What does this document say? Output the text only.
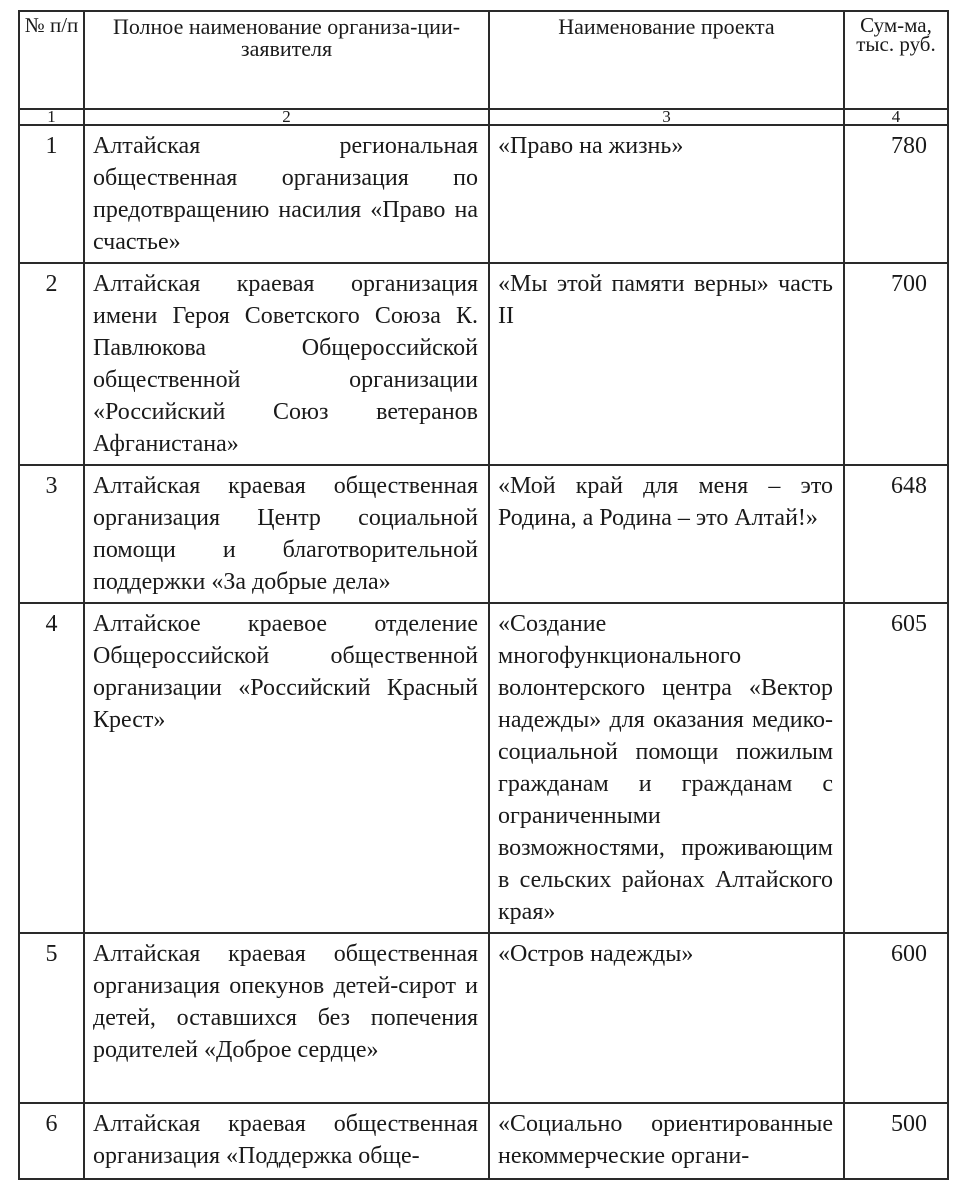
№ п/п	Полное наименование организа-ции-заявителя	Наименование проекта	Сум-ма, тыс. руб.
1	2	3	4
1	Алтайская региональная общественная организация по предотвращению насилия «Право на счастье»	«Право на жизнь»	780
2	Алтайская краевая организация имени Героя Советского Союза К. Павлюкова Общероссийской общественной организации «Российский Союз ветеранов Афганистана»	«Мы этой памяти верны» часть II	700
3	Алтайская краевая общественная организация Центр социальной помощи и благотворительной поддержки «За добрые дела»	«Мой край для меня – это Родина, а Родина – это Алтай!»	648
4	Алтайское краевое отделение Общероссийской общественной организации «Российский Красный Крест»	«Создание многофункционального волонтерского центра «Вектор надежды» для оказания медико-социальной помощи пожилым гражданам и гражданам с ограниченными возможностями, проживающим в сельских районах Алтайского края»	605
5	Алтайская краевая общественная организация опекунов детей-сирот и детей, оставшихся без попечения родителей «Доброе сердце»	«Остров надежды»	600
6	Алтайская краевая общественная организация «Поддержка обще-	«Социально ориентированные некоммерческие органи-	500
